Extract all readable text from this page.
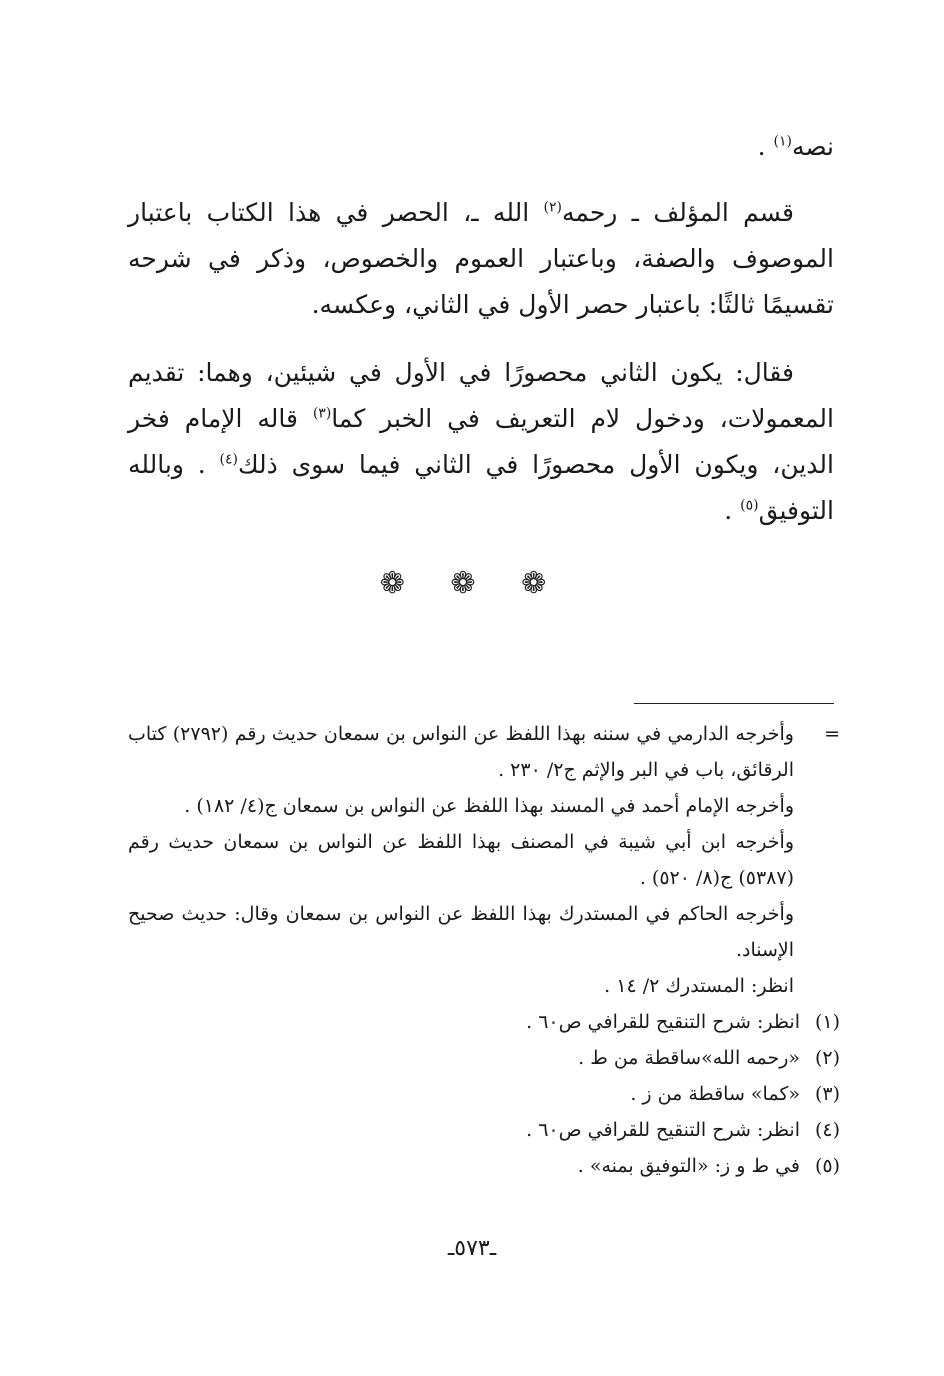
نصه$^{(١)}$ .

قسم المؤلف ـ رحمه$^{(٢)}$ الله ـ، الحصر في هذا الكتاب باعتبار الموصوف والصفة، وباعتبار العموم والخصوص، وذكر في شرحه تقسيمًا ثالثًا: باعتبار حصر الأول في الثاني، وعكسه.

فقال: يكون الثاني محصورًا في الأول في شيئين، وهما: تقديم المعمولات، ودخول لام التعريف في الخبر كما$^{(٣)}$ قاله الإمام فخر الدين، ويكون الأول محصورًا في الثاني فيما سوى ذلك$^{(٤)}$ . وبالله التوفيق$^{(٥)}$ .

❁ ❁ ❁
=

وأخرجه الدارمي في سننه بهذا اللفظ عن النواس بن سمعان حديث رقم (٢٧٩٢) كتاب الرقائق، باب في البر والإثم ج٢/ ٢٣٠ .

وأخرجه الإمام أحمد في المسند بهذا اللفظ عن النواس بن سمعان ج(٤/ ١٨٢) .

وأخرجه ابن أبي شيبة في المصنف بهذا اللفظ عن النواس بن سمعان حديث رقم (٥٣٨٧) ج(٨/ ٥٢٠) .

وأخرجه الحاكم في المستدرك بهذا اللفظ عن النواس بن سمعان وقال: حديث صحيح الإسناد.

انظر: المستدرك ٢/ ١٤ .

(١)انظر: شرح التنقيح للقرافي ص٦٠ .

(٢)«رحمه الله»ساقطة من ط .

(٣)«كما» ساقطة من ز .

(٤)انظر: شرح التنقيح للقرافي ص٦٠ .

(٥)في ط و ز: «التوفيق بمنه» .

ـ٥٧٣ـ
